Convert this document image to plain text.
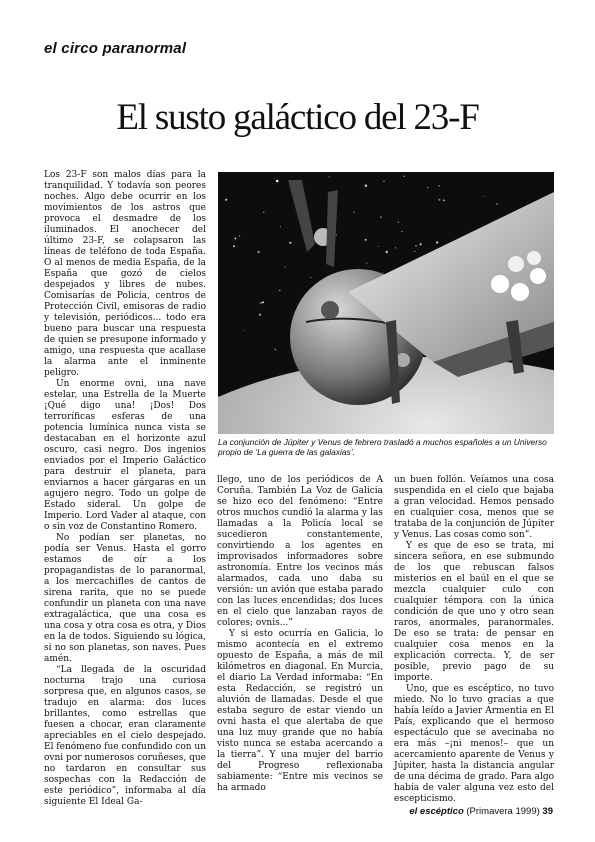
el circo paranormal
El susto galáctico del 23-F

Los 23-F son malos días para la tranquilidad. Y todavía son peores noches. Algo debe ocurrir en los movimientos de los astros que provoca el desmadre de los iluminados. El anochecer del último 23-F, se colapsaron las líneas de teléfono de toda España. O al menos de media España, de la España que gozó de cielos despejados y libres de nubes. Comisarías de Policía, centros de Protección Civil, emisoras de radio y televisión, periódicos... todo era bueno para buscar una respuesta de quien se presupone informado y amigo, una respuesta que acallase la alarma ante el inminente peligro.

Un enorme ovni, una nave estelar, una Estrella de la Muerte ¡Qué digo una! ¡Dos! Dos terroríficas esferas de una potencia lumínica nunca vista se destacaban en el horizonte azul oscuro, casi negro. Dos ingenios enviados por el Imperio Galáctico para destruir el planeta, para enviarnos a hacer gárgaras en un agujero negro. Todo un golpe de Estado sideral. Un golpe de Imperio. Lord Vader al ataque, con o sin voz de Constantino Romero.

No podían ser planetas, no podía ser Venus. Hasta el gorro estamos de oír a los propagandistas de lo paranormal, a los mercachifles de cantos de sirena rarita, que no se puede confundir un planeta con una nave extragaláctica, que una cosa es una cosa y otra cosa es otra, y Dios en la de todos. Siguiendo su lógica, si no son planetas, son naves. Pues amén.

“La llegada de la oscuridad nocturna trajo una curiosa sorpresa que, en algunos casos, se tradujo en alarma: dos luces brillantes, como estrellas que fuesen a chocar, eran claramente apreciables en el cielo despejado. El fenómeno fue confundido con un ovni por numerosos coruñeses, que no tardaron en consultar sus sospechas con la Redacción de este periódico”, informaba al día siguiente El Ideal Ga-

La conjunción de Júpiter y Venus de febrero trasladó a muchos españoles a un Universo propio de ‘La guerra de las galaxias’.

llego, uno de los periódicos de A Coruña. También La Voz de Galicia se hizo eco del fenómeno: “Entre otros muchos cundió la alarma y las llamadas a la Policía local se sucedieron constantemente, convirtiendo a los agentes en improvisados informadores sobre astronomía. Entre los vecinos más alarmados, cada uno daba su versión: un avión que estaba parado con las luces encendidas; dos luces en el cielo que lanzaban rayos de colores; ovnis...”

Y si esto ocurría en Galicia, lo mismo acontecía en el extremo opuesto de España, a más de mil kilómetros en diagonal. En Murcia, el diario La Verdad informaba: “En esta Redacción, se registró un aluvión de llamadas. Desde el que estaba seguro de estar viendo un ovni hasta el que alertaba de que una luz muy grande que no había visto nunca se estaba acercando a la tierra”. Y una mujer del barrio del Progreso reflexionaba sabiamente: “Entre mis vecinos se ha armado

un buen follón. Veíamos una cosa suspendida en el cielo que bajaba a gran velocidad. Hemos pensado en cualquier cosa, menos que se trataba de la conjunción de Júpiter y Venus. Las cosas como son”.

Y es que de eso se trata, mi sincera señora, en ese submundo de los que rebuscan falsos misterios en el baúl en el que se mezcla cualquier culo con cualquier témpora con la única condición de que uno y otro sean raros, anormales, paranormales. De eso se trata: de pensar en cualquier cosa menos en la explicación correcta. Y, de ser posible, previo pago de su importe.

Uno, que es escéptico, no tuvo miedo. No lo tuvo gracias a que había leído a Javier Armentia en El País, explicando que el hermoso espectáculo que se avecinaba no era más –¡ni menos!– que un acercamiento aparente de Venus y Júpiter, hasta la distancia angular de una décima de grado. Para algo había de valer alguna vez esto del escepticismo.

el escéptico (Primavera 1999) 39
